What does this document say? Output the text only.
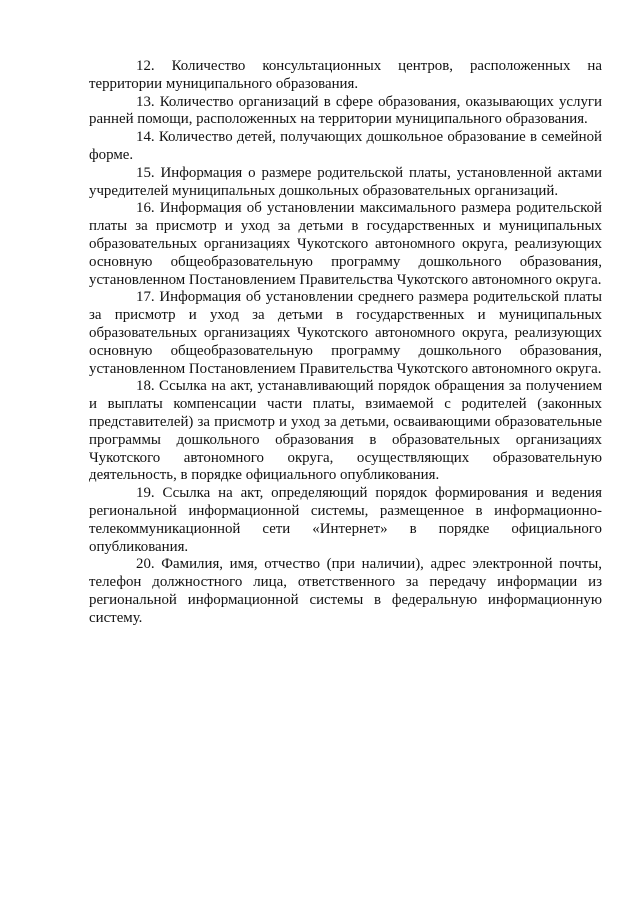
12. Количество консультационных центров, расположенных на территории муниципального образования.

13. Количество организаций в сфере образования, оказывающих услуги ранней помощи, расположенных на территории муниципального образования.

14. Количество детей, получающих дошкольное образование в семейной форме.

15. Информация о размере родительской платы, установленной актами учредителей муниципальных дошкольных образовательных организаций.

16. Информация об установлении максимального размера родительской платы за присмотр и уход за детьми в государственных и муниципальных образовательных организациях Чукотского автономного округа, реализующих основную общеобразовательную программу дошкольного образования, установленном Постановлением Правительства Чукотского автономного округа.

17. Информация об установлении среднего размера родительской платы за присмотр и уход за детьми в государственных и муниципальных образовательных организациях Чукотского автономного округа, реализующих основную общеобразовательную программу дошкольного образования, установленном Постановлением Правительства Чукотского автономного округа.

18. Ссылка на акт, устанавливающий порядок обращения за получением и выплаты компенсации части платы, взимаемой с родителей (законных представителей) за присмотр и уход за детьми, осваивающими образовательные программы дошкольного образования в образовательных организациях Чукотского автономного округа, осуществляющих образовательную деятельность, в порядке официального опубликования.

19. Ссылка на акт, определяющий порядок формирования и ведения региональной информационной системы, размещенное в информационно-телекоммуникационной сети «Интернет» в порядке официального опубликования.

20. Фамилия, имя, отчество (при наличии), адрес электронной почты, телефон должностного лица, ответственного за передачу информации из региональной информационной системы в федеральную информационную систему.
